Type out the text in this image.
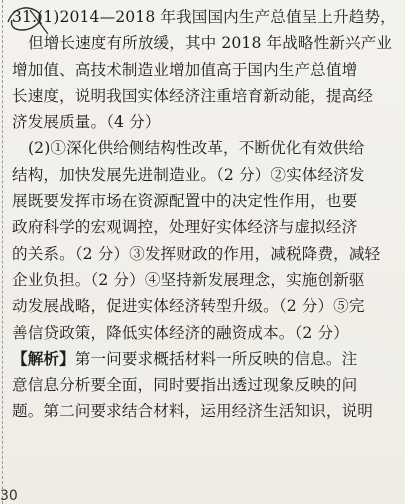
31.(1)2014—2018 年我国国内生产总值呈上升趋势，
但增长速度有所放缓，其中 2018 年战略性新兴产业
增加值、高技术制造业增加值高于国内生产总值增
长速度，说明我国实体经济注重培育新动能，提高经
济发展质量。（4 分）
(2)①深化供给侧结构性改革，不断优化有效供给
结构，加快发展先进制造业。（2 分）②实体经济发
展既要发挥市场在资源配置中的决定性作用，也要
政府科学的宏观调控，处理好实体经济与虚拟经济
的关系。（2 分）③发挥财政的作用，减税降费，减轻
企业负担。（2 分）④坚持新发展理念，实施创新驱
动发展战略，促进实体经济转型升级。（2 分）⑤完
善信贷政策，降低实体经济的融资成本。（2 分）
【解析】第一问要求概括材料一所反映的信息。注
意信息分析要全面，同时要指出透过现象反映的问
题。第二问要求结合材料，运用经济生活知识，说明
30
